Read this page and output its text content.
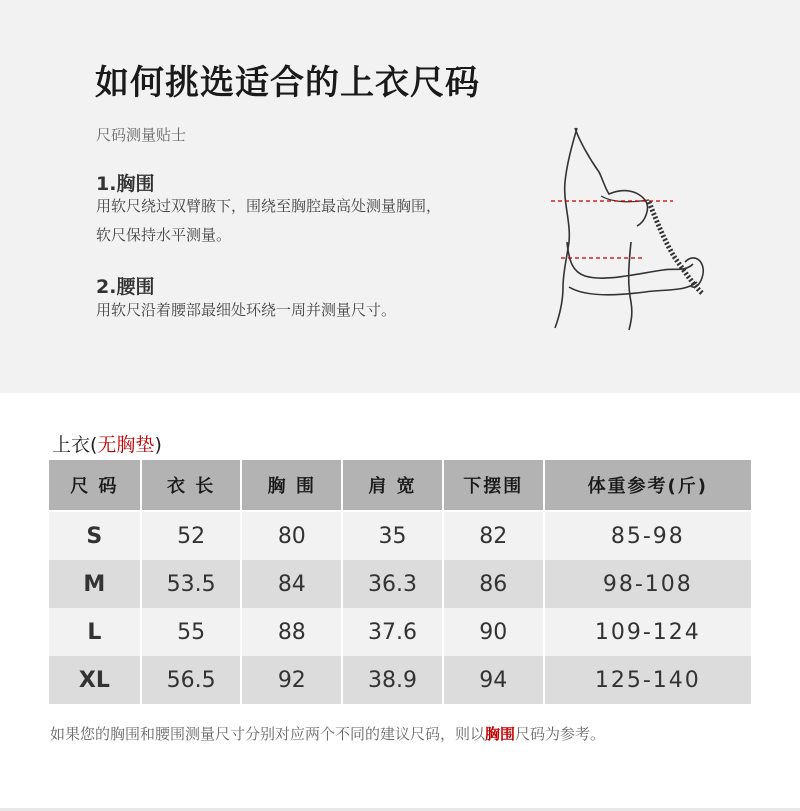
如何挑选适合的上衣尺码
尺码测量贴士
1.胸围
用软尺绕过双臂腋下，围绕至胸腔最高处测量胸围，
软尺保持水平测量。
2.腰围
用软尺沿着腰部最细处环绕一周并测量尺寸。
上衣(无胸垫)
尺 码	衣 长	胸 围	肩 宽	下摆围	体重参考(斤)

S	52	80	35	82	85-98
M	53.5	84	36.3	86	98-108
L	55	88	37.6	90	109-124
XL	56.5	92	38.9	94	125-140
如果您的胸围和腰围测量尺寸分别对应两个不同的建议尺码，则以胸围尺码为参考。
